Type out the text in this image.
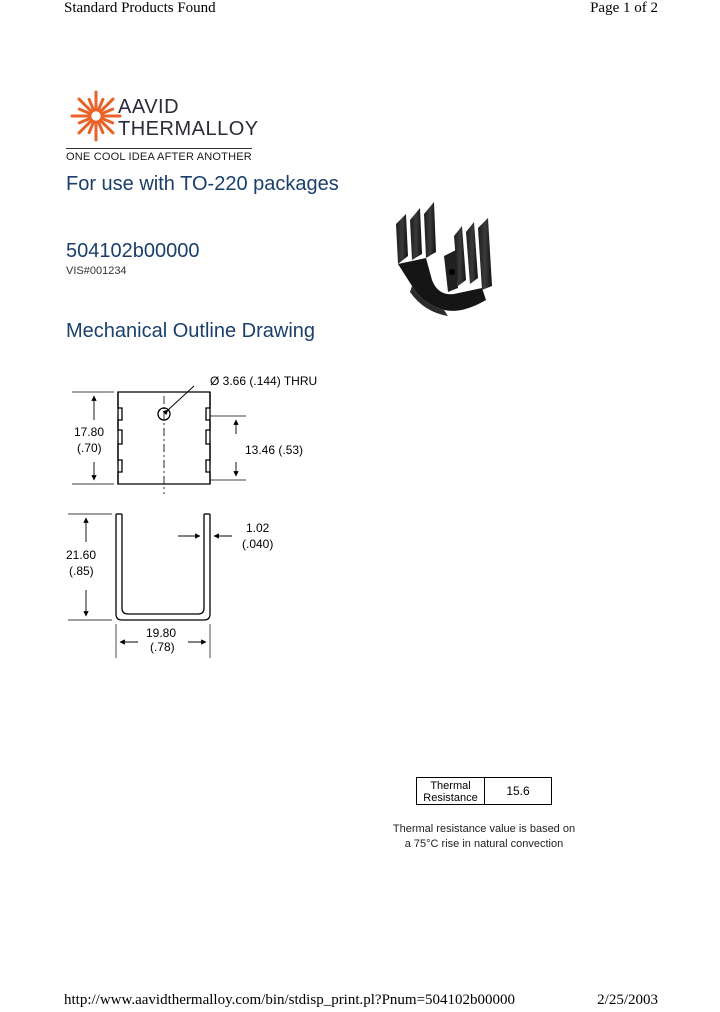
Standard Products Found	Page 1 of 2
http://www.aavidthermalloy.com/bin/stdisp_print.pl?Pnum=504102b00000	2/25/2003
AAVID
THERMALLOY
ONE COOL IDEA AFTER ANOTHER
For use with TO-220 packages
504102b00000
VIS#001234
Mechanical Outline Drawing
Ø 3.66 (.144) THRU
17.80
(.70)	13.46 (.53)
21.60
(.85)
1.02
(.040)
19.80
(.78)
Thermal
Resistance	15.6
Thermal resistance value is based on
a 75°C rise in natural convection
